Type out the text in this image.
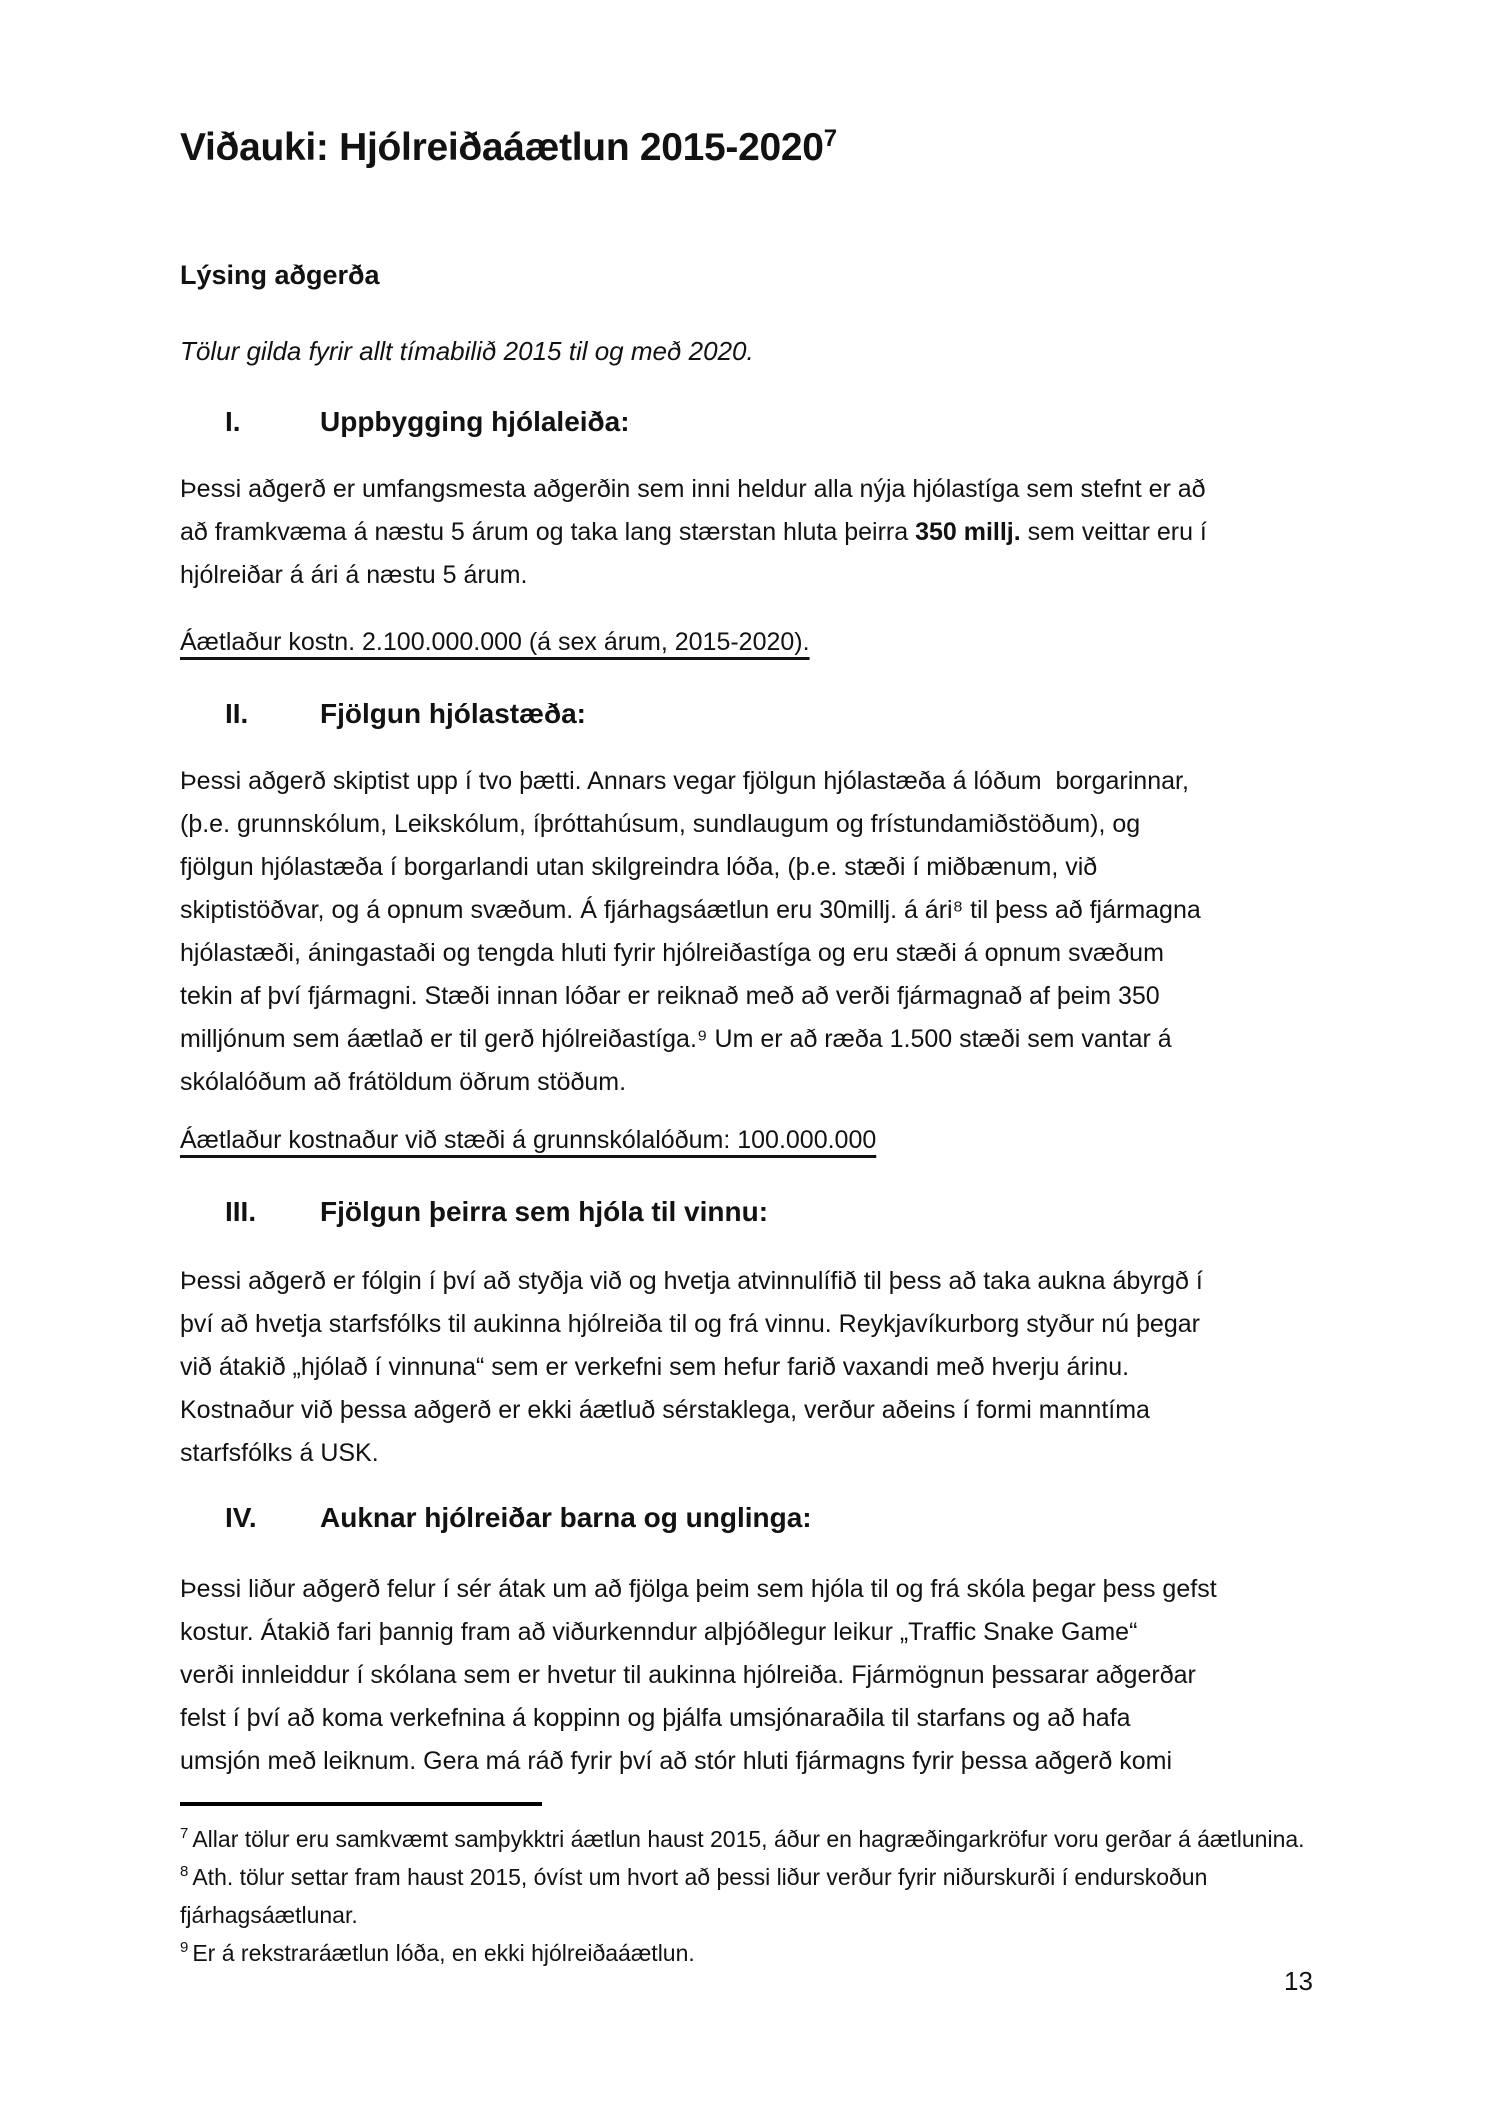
Viðauki: Hjólreiðaáætlun 2015-2020$^7$
Lýsing aðgerða
Tölur gilda fyrir allt tímabilið 2015 til og með 2020.
I.	Uppbygging hjólaleiða:
Þessi aðgerð er umfangsmesta aðgerðin sem inni heldur alla nýja hjólastíga sem stefnt er að
að framkvæma á næstu 5 árum og taka lang stærstan hluta þeirra 350 millj. sem veittar eru í
hjólreiðar á ári á næstu 5 árum.
Áætlaður kostn. 2.100.000.000 (á sex árum, 2015-2020).
II.	Fjölgun hjólastæða:
Þessi aðgerð skiptist upp í tvo þætti. Annars vegar fjölgun hjólastæða á lóðum  borgarinnar,
(þ.e. grunnskólum, Leikskólum, íþróttahúsum, sundlaugum og frístundamiðstöðum), og
fjölgun hjólastæða í borgarlandi utan skilgreindra lóða, (þ.e. stæði í miðbænum, við
skiptistöðvar, og á opnum svæðum. Á fjárhagsáætlun eru 30millj. á ári⁸ til þess að fjármagna
hjólastæði, áningastaði og tengda hluti fyrir hjólreiðastíga og eru stæði á opnum svæðum
tekin af því fjármagni. Stæði innan lóðar er reiknað með að verði fjármagnað af þeim 350
milljónum sem áætlað er til gerð hjólreiðastíga.⁹ Um er að ræða 1.500 stæði sem vantar á
skólalóðum að frátöldum öðrum stöðum.
Áætlaður kostnaður við stæði á grunnskólalóðum: 100.000.000
III. Fjölgun þeirra sem hjóla til vinnu:
Þessi aðgerð er fólgin í því að styðja við og hvetja atvinnulífið til þess að taka aukna ábyrgð í
því að hvetja starfsfólks til aukinna hjólreiða til og frá vinnu. Reykjavíkurborg styður nú þegar
við átakið „hjólað í vinnuna“ sem er verkefni sem hefur farið vaxandi með hverju árinu.
Kostnaður við þessa aðgerð er ekki áætluð sérstaklega, verður aðeins í formi manntíma
starfsfólks á USK.
IV. Auknar hjólreiðar barna og unglinga:
Þessi liður aðgerð felur í sér átak um að fjölga þeim sem hjóla til og frá skóla þegar þess gefst
kostur. Átakið fari þannig fram að viðurkenndur alþjóðlegur leikur „Traffic Snake Game“
verði innleiddur í skólana sem er hvetur til aukinna hjólreiða. Fjármögnun þessarar aðgerðar
felst í því að koma verkefnina á koppinn og þjálfa umsjónaraðila til starfans og að hafa
umsjón með leiknum. Gera má ráð fyrir því að stór hluti fjármagns fyrir þessa aðgerð komi

$^7$ Allar tölur eru samkvæmt samþykktri áætlun haust 2015, áður en hagræðingarkröfur voru gerðar á áætlunina.

$^8$ Ath. tölur settar fram haust 2015, óvíst um hvort að þessi liður verður fyrir niðurskurði í endurskoðun fjárhagsáætlunar.

$^9$ Er á rekstraráætlun lóða, en ekki hjólreiðaáætlun.

13
